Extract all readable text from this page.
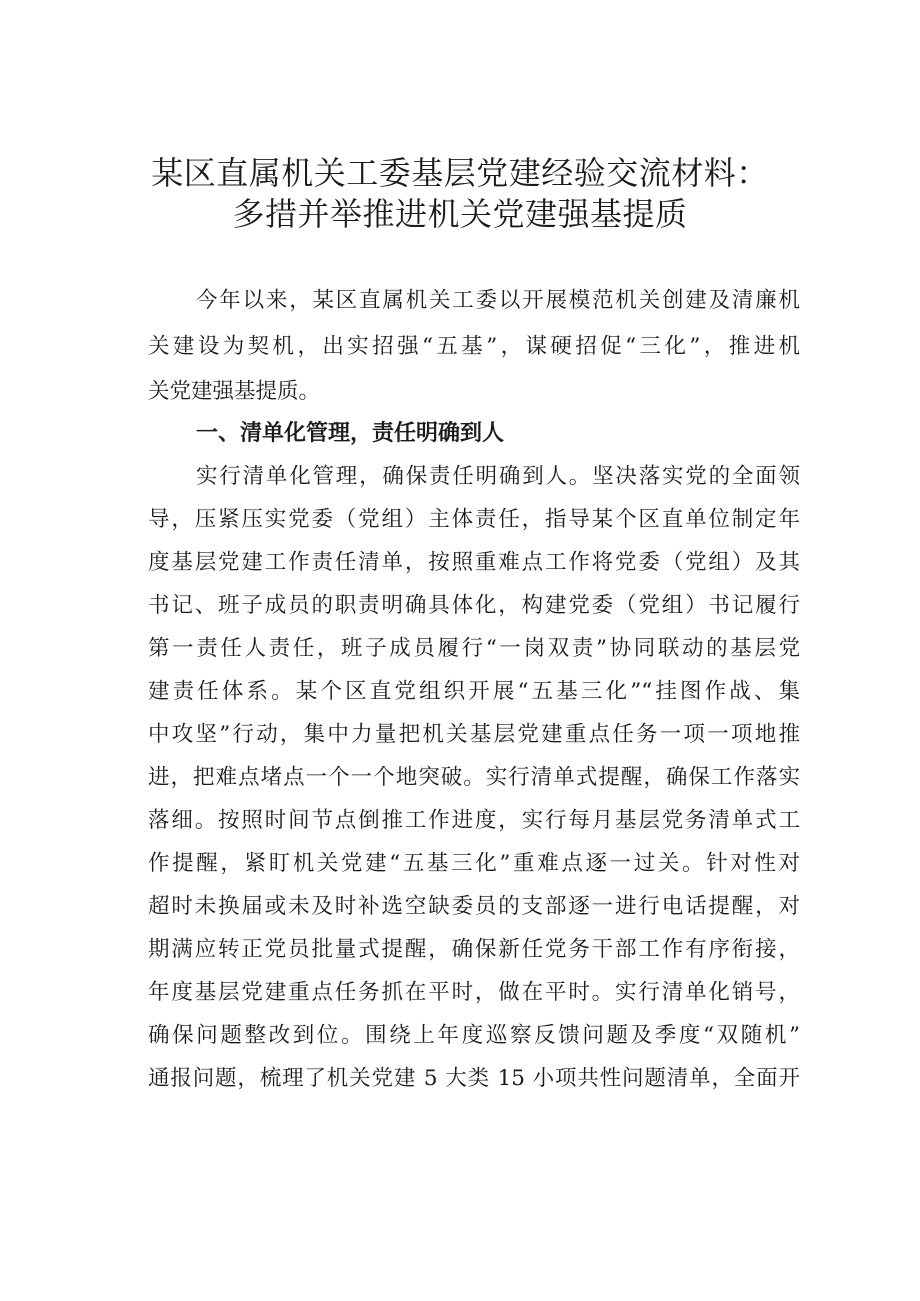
某区直属机关工委基层党建经验交流材料：
多措并举推进机关党建强基提质
今年以来，某区直属机关工委以开展模范机关创建及清廉机
关建设为契机，出实招强“五基”，谋硬招促“三化”，推进机
关党建强基提质。
一、清单化管理，责任明确到人
实行清单化管理，确保责任明确到人。坚决落实党的全面领
导，压紧压实党委（党组）主体责任，指导某个区直单位制定年
度基层党建工作责任清单，按照重难点工作将党委（党组）及其
书记、班子成员的职责明确具体化，构建党委（党组）书记履行
第一责任人责任，班子成员履行“一岗双责”协同联动的基层党
建责任体系。某个区直党组织开展“五基三化”“挂图作战、集
中攻坚”行动，集中力量把机关基层党建重点任务一项一项地推
进，把难点堵点一个一个地突破。实行清单式提醒，确保工作落实
落细。按照时间节点倒推工作进度，实行每月基层党务清单式工
作提醒，紧盯机关党建“五基三化”重难点逐一过关。针对性对
超时未换届或未及时补选空缺委员的支部逐一进行电话提醒，对
期满应转正党员批量式提醒，确保新任党务干部工作有序衔接，
年度基层党建重点任务抓在平时，做在平时。实行清单化销号，
确保问题整改到位。围绕上年度巡察反馈问题及季度“双随机”
通报问题，梳理了机关党建 5 大类 15 小项共性问题清单，全面开
